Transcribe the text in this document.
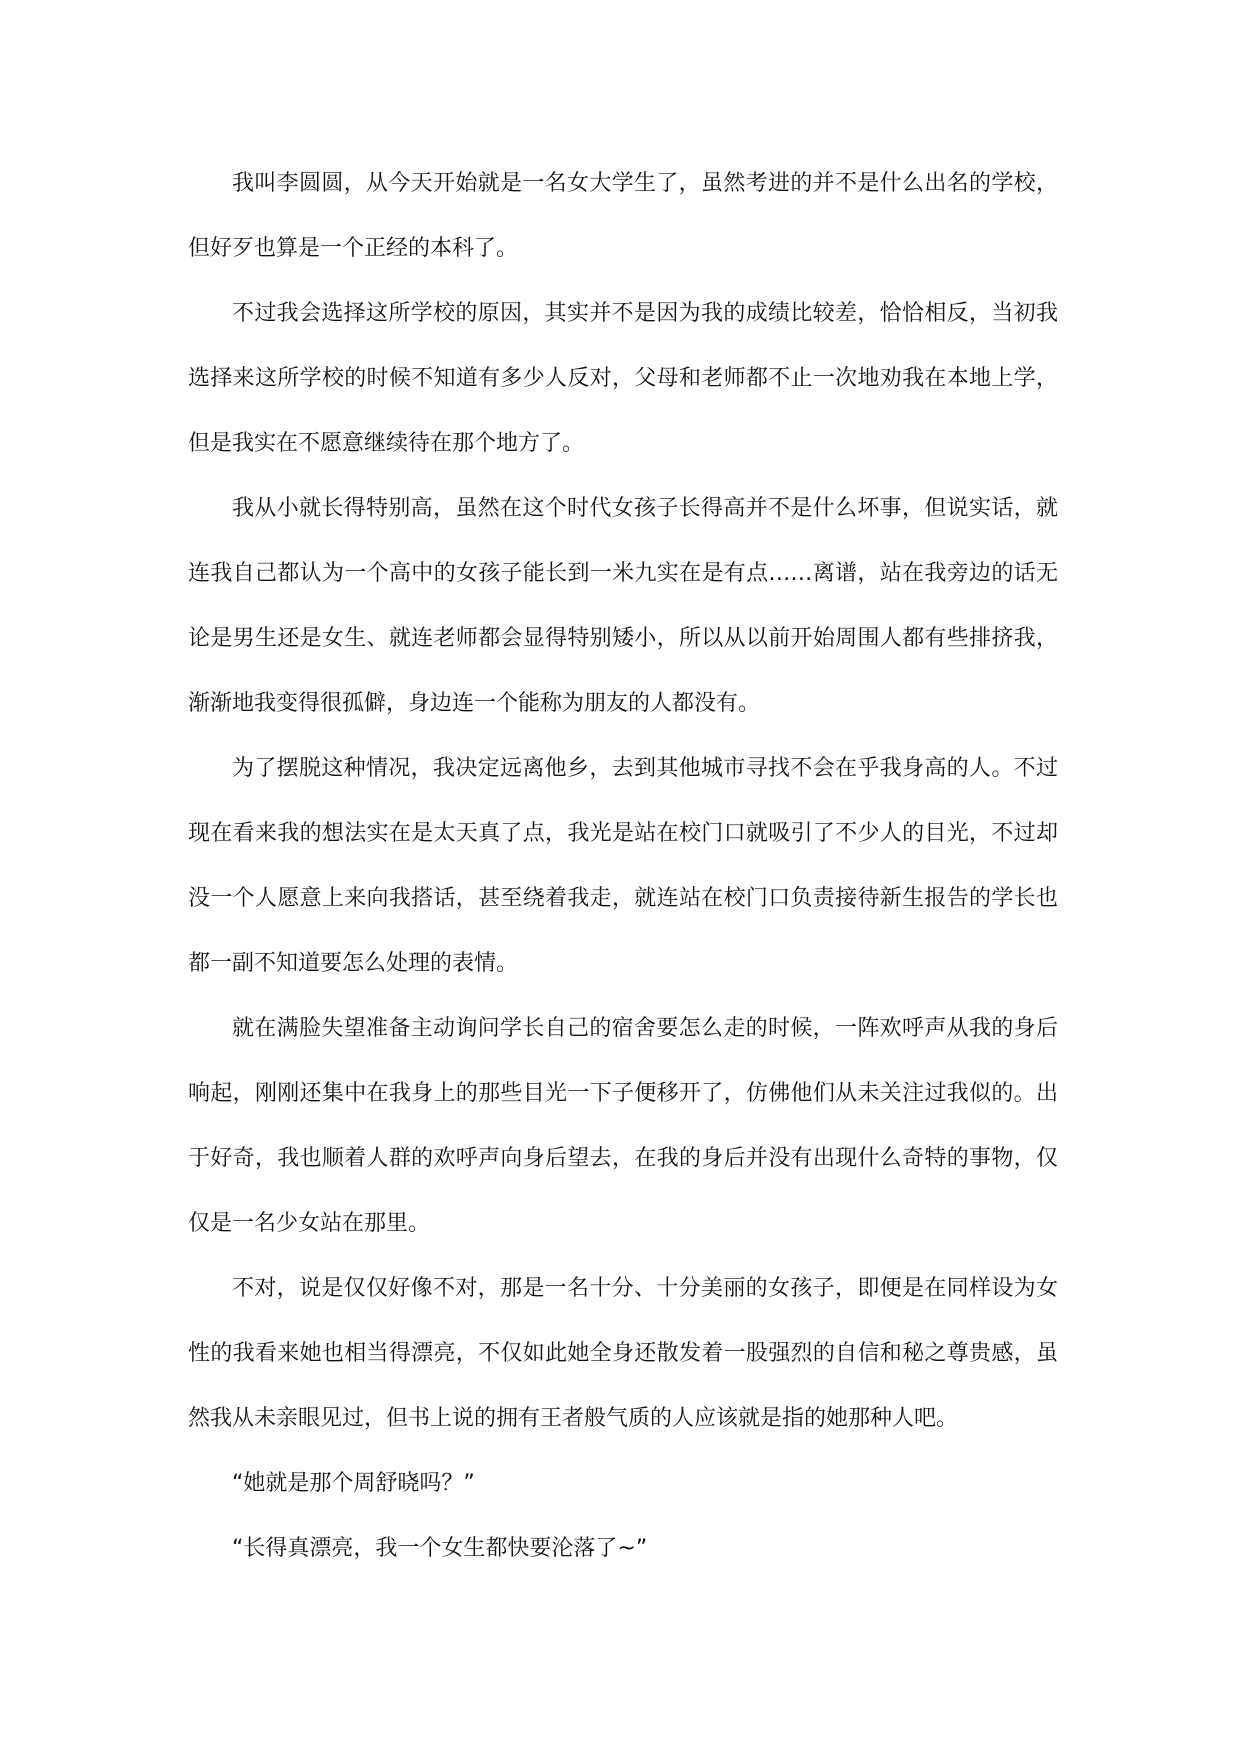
我叫李圆圆，从今天开始就是一名女大学生了，虽然考进的并不是什么出名的学校，但好歹也算是一个正经的本科了。

不过我会选择这所学校的原因，其实并不是因为我的成绩比较差，恰恰相反，当初我选择来这所学校的时候不知道有多少人反对，父母和老师都不止一次地劝我在本地上学，但是我实在不愿意继续待在那个地方了。

我从小就长得特别高，虽然在这个时代女孩子长得高并不是什么坏事，但说实话，就连我自己都认为一个高中的女孩子能长到一米九实在是有点……离谱，站在我旁边的话无论是男生还是女生、就连老师都会显得特别矮小，所以从以前开始周围人都有些排挤我，渐渐地我变得很孤僻，身边连一个能称为朋友的人都没有。

为了摆脱这种情况，我决定远离他乡，去到其他城市寻找不会在乎我身高的人。不过现在看来我的想法实在是太天真了点，我光是站在校门口就吸引了不少人的目光，不过却没一个人愿意上来向我搭话，甚至绕着我走，就连站在校门口负责接待新生报告的学长也都一副不知道要怎么处理的表情。

就在满脸失望准备主动询问学长自己的宿舍要怎么走的时候，一阵欢呼声从我的身后响起，刚刚还集中在我身上的那些目光一下子便移开了，仿佛他们从未关注过我似的。出于好奇，我也顺着人群的欢呼声向身后望去，在我的身后并没有出现什么奇特的事物，仅仅是一名少女站在那里。

不对，说是仅仅好像不对，那是一名十分、十分美丽的女孩子，即便是在同样设为女性的我看来她也相当得漂亮，不仅如此她全身还散发着一股强烈的自信和秘之尊贵感，虽然我从未亲眼见过，但书上说的拥有王者般气质的人应该就是指的她那种人吧。

“她就是那个周舒晓吗？”

“长得真漂亮，我一个女生都快要沦落了~”
